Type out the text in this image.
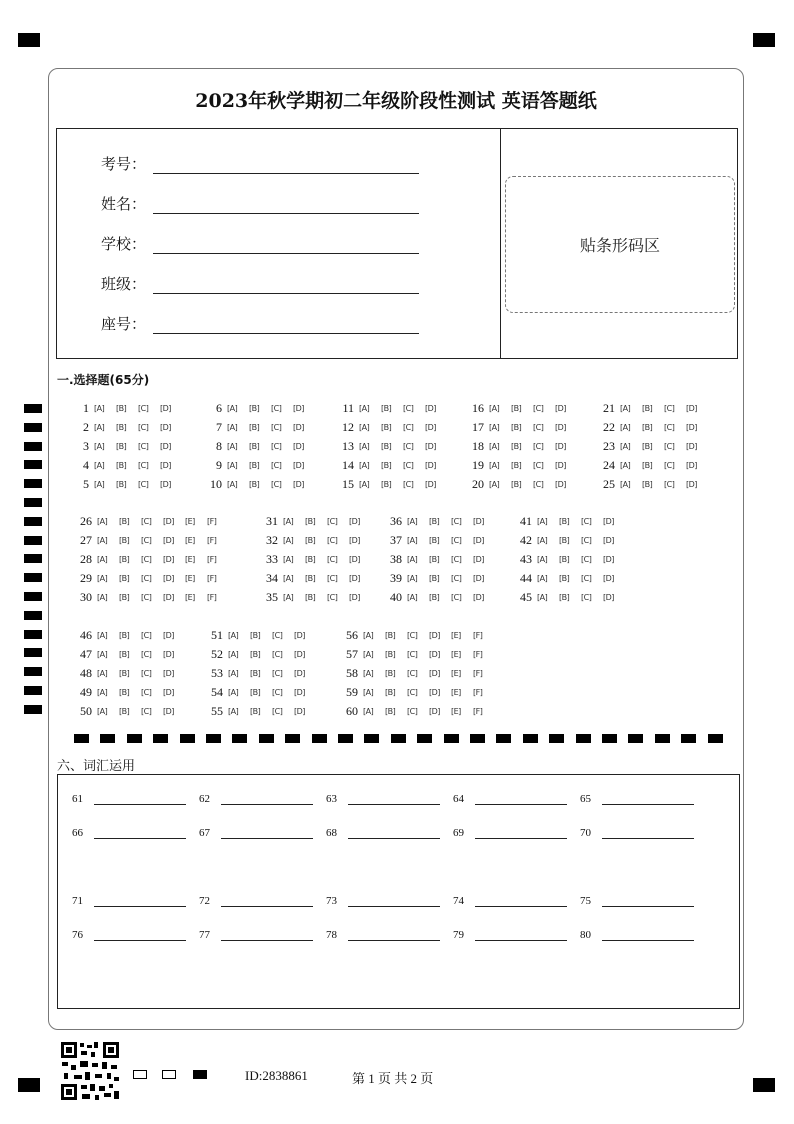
2023年秋学期初二年级阶段性测试 英语答题纸
考号：
姓名：
学校：
班级：
座号：
贴条形码区
一.选择题(65分)
1 [A]	[B]	[C]	[D]
2 [A]	[B]	[C]	[D]
3 [A]	[B]	[C]	[D]
4 [A]	[B]	[C]	[D]
5 [A]	[B]	[C]	[D]
6 [A]	[B]	[C]	[D]
7 [A]	[B]	[C]	[D]
8 [A]	[B]	[C]	[D]
9 [A]	[B]	[C]	[D]
10 [A]	[B]	[C]	[D]
11 [A]	[B]	[C]	[D]
12 [A]	[B]	[C]	[D]
13 [A]	[B]	[C]	[D]
14 [A]	[B]	[C]	[D]
15 [A]	[B]	[C]	[D]
16 [A]	[B]	[C]	[D]
17 [A]	[B]	[C]	[D]
18 [A]	[B]	[C]	[D]
19 [A]	[B]	[C]	[D]
20 [A]	[B]	[C]	[D]
21 [A]	[B]	[C]	[D]
22 [A]	[B]	[C]	[D]
23 [A]	[B]	[C]	[D]
24 [A]	[B]	[C]	[D]
25 [A]	[B]	[C]	[D]
26 [A]	[B]	[C]	[D]	[E]	[F]
27 [A]	[B]	[C]	[D]	[E]	[F]
28 [A]	[B]	[C]	[D]	[E]	[F]
29 [A]	[B]	[C]	[D]	[E]	[F]
30 [A]	[B]	[C]	[D]	[E]	[F]
31 [A]	[B]	[C]	[D]
32 [A]	[B]	[C]	[D]
33 [A]	[B]	[C]	[D]
34 [A]	[B]	[C]	[D]
35 [A]	[B]	[C]	[D]
36 [A]	[B]	[C]	[D]
37 [A]	[B]	[C]	[D]
38 [A]	[B]	[C]	[D]
39 [A]	[B]	[C]	[D]
40 [A]	[B]	[C]	[D]
41 [A]	[B]	[C]	[D]
42 [A]	[B]	[C]	[D]
43 [A]	[B]	[C]	[D]
44 [A]	[B]	[C]	[D]
45 [A]	[B]	[C]	[D]
46 [A]	[B]	[C]	[D]
47 [A]	[B]	[C]	[D]
48 [A]	[B]	[C]	[D]
49 [A]	[B]	[C]	[D]
50 [A]	[B]	[C]	[D]
51 [A]	[B]	[C]	[D]
52 [A]	[B]	[C]	[D]
53 [A]	[B]	[C]	[D]
54 [A]	[B]	[C]	[D]
55 [A]	[B]	[C]	[D]
56 [A]	[B]	[C]	[D]	[E]	[F]
57 [A]	[B]	[C]	[D]	[E]	[F]
58 [A]	[B]	[C]	[D]	[E]	[F]
59 [A]	[B]	[C]	[D]	[E]	[F]
60 [A]	[B]	[C]	[D]	[E]	[F]
六、词汇运用
61	62	63	64	65
66	67	68	69	70
71	72	73	74	75
76	77	78	79	80
ID:2838861	第 1 页 共 2 页
